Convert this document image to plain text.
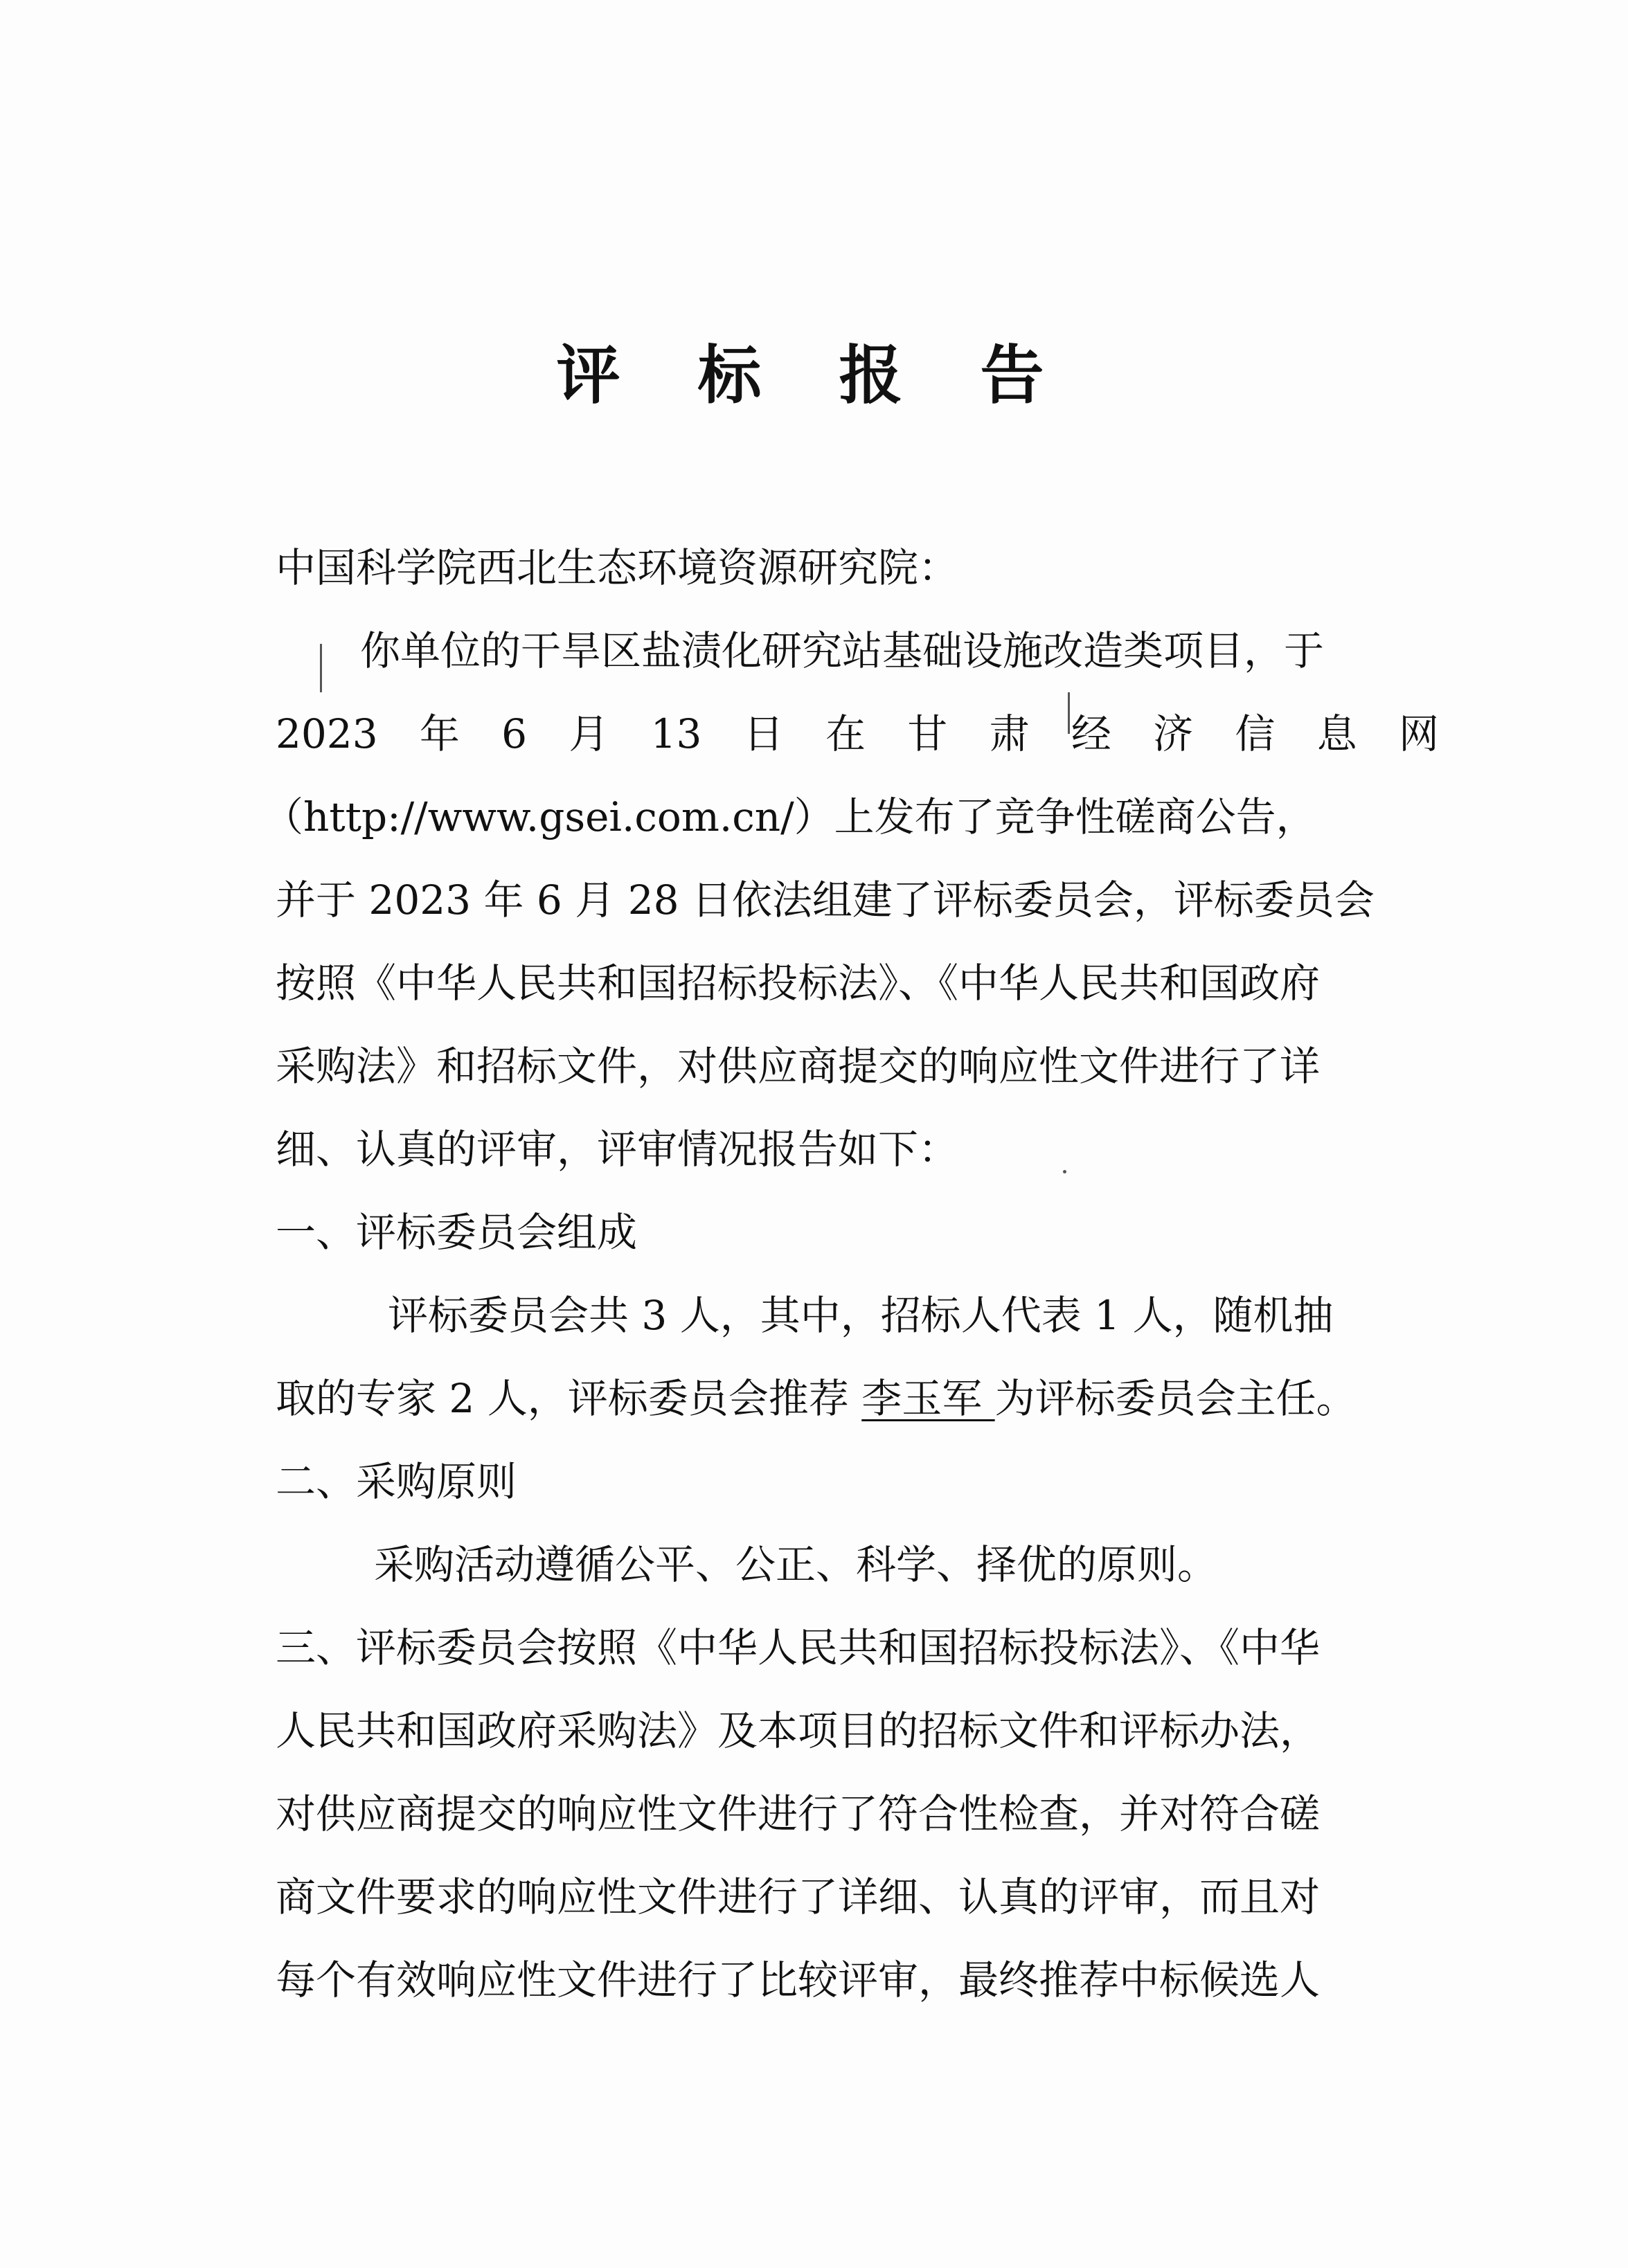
评 标 报 告
中国科学院西北生态环境资源研究院：
你单位的干旱区盐渍化研究站基础设施改造类项目，于
2023 年 6 月 13 日 在 甘 肃 经 济 信 息 网
（http://www.gsei.com.cn/）上发布了竞争性磋商公告，
并于 2023 年 6 月 28 日依法组建了评标委员会，评标委员会
按照《中华人民共和国招标投标法》、《中华人民共和国政府
采购法》和招标文件，对供应商提交的响应性文件进行了详
细、认真的评审，评审情况报告如下：
一、评标委员会组成
评标委员会共 3 人，其中，招标人代表 1 人，随机抽
取的专家 2 人，评标委员会推荐 李玉军 为评标委员会主任。
二、采购原则
采购活动遵循公平、公正、科学、择优的原则。
三、评标委员会按照《中华人民共和国招标投标法》、《中华
人民共和国政府采购法》及本项目的招标文件和评标办法，
对供应商提交的响应性文件进行了符合性检查，并对符合磋
商文件要求的响应性文件进行了详细、认真的评审，而且对
每个有效响应性文件进行了比较评审，最终推荐中标候选人
